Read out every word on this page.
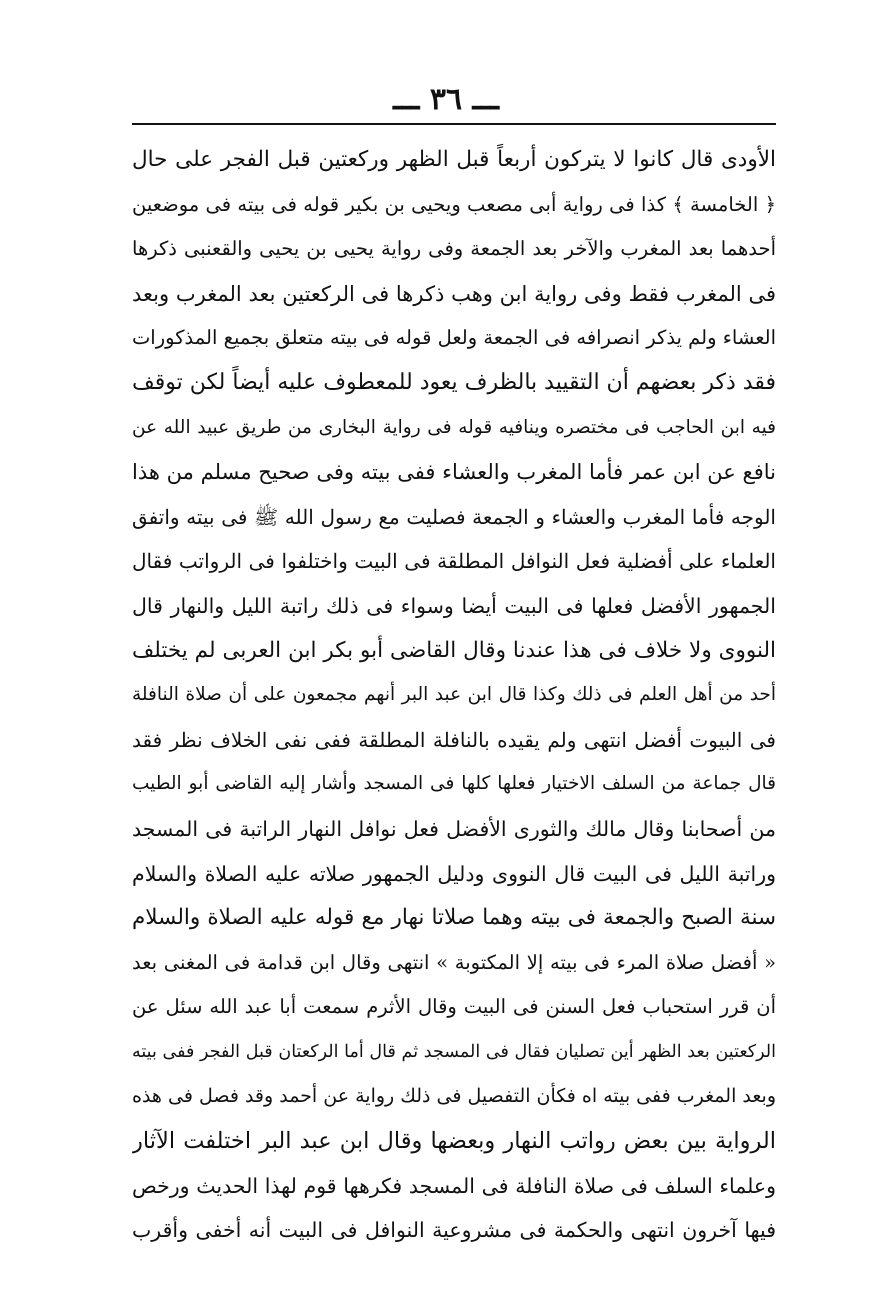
ـــ ٣٦ ـــ
الأودى قال كانوا لا يتركون أربعاً قبل الظهر وركعتين قبل الفجر على حال
﴿ الخامسة ﴾ كذا فى رواية أبى مصعب ويحيى بن بكير قوله فى بيته فى موضعين
أحدهما بعد المغرب والآخر بعد الجمعة وفى رواية يحيى بن يحيى والقعنبى ذكرها
فى المغرب فقط وفى رواية ابن وهب ذكرها فى الركعتين بعد المغرب وبعد
العشاء ولم يذكر انصرافه فى الجمعة ولعل قوله فى بيته متعلق بجميع المذكورات
فقد ذكر بعضهم أن التقييد بالظرف يعود للمعطوف عليه أيضاً لكن توقف
فيه ابن الحاجب فى مختصره وينافيه قوله فى رواية البخارى من طريق عبيد الله عن
نافع عن ابن عمر فأما المغرب والعشاء ففى بيته وفى صحيح مسلم من هذا
الوجه فأما المغرب والعشاء و الجمعة فصليت مع رسول الله ﷺ فى بيته واتفق
العلماء على أفضلية فعل النوافل المطلقة فى البيت واختلفوا فى الرواتب فقال
الجمهور الأفضل فعلها فى البيت أيضا وسواء فى ذلك راتبة الليل والنهار قال
النووى ولا خلاف فى هذا عندنا وقال القاضى أبو بكر ابن العربى لم يختلف
أحد من أهل العلم فى ذلك وكذا قال ابن عبد البر أنهم مجمعون على أن صلاة النافلة
فى البيوت أفضل انتهى ولم يقيده بالنافلة المطلقة ففى نفى الخلاف نظر فقد
قال جماعة من السلف الاختيار فعلها كلها فى المسجد وأشار إليه القاضى أبو الطيب
من أصحابنا وقال مالك والثورى الأفضل فعل نوافل النهار الراتبة فى المسجد
وراتبة الليل فى البيت قال النووى ودليل الجمهور صلاته عليه الصلاة والسلام
سنة الصبح والجمعة فى بيته وهما صلاتا نهار مع قوله عليه الصلاة والسلام
« أفضل صلاة المرء فى بيته إلا المكتوبة » انتهى وقال ابن قدامة فى المغنى بعد
أن قرر استحباب فعل السنن فى البيت وقال الأثرم سمعت أبا عبد الله سئل عن
الركعتين بعد الظهر أين تصليان فقال فى المسجد ثم قال أما الركعتان قبل الفجر ففى بيته
وبعد المغرب ففى بيته اه فكأن التفصيل فى ذلك رواية عن أحمد وقد فصل فى هذه
الرواية بين بعض رواتب النهار وبعضها وقال ابن عبد البر اختلفت الآثار
وعلماء السلف فى صلاة النافلة فى المسجد فكرهها قوم لهذا الحديث ورخص
فيها آخرون انتهى والحكمة فى مشروعية النوافل فى البيت أنه أخفى وأقرب
